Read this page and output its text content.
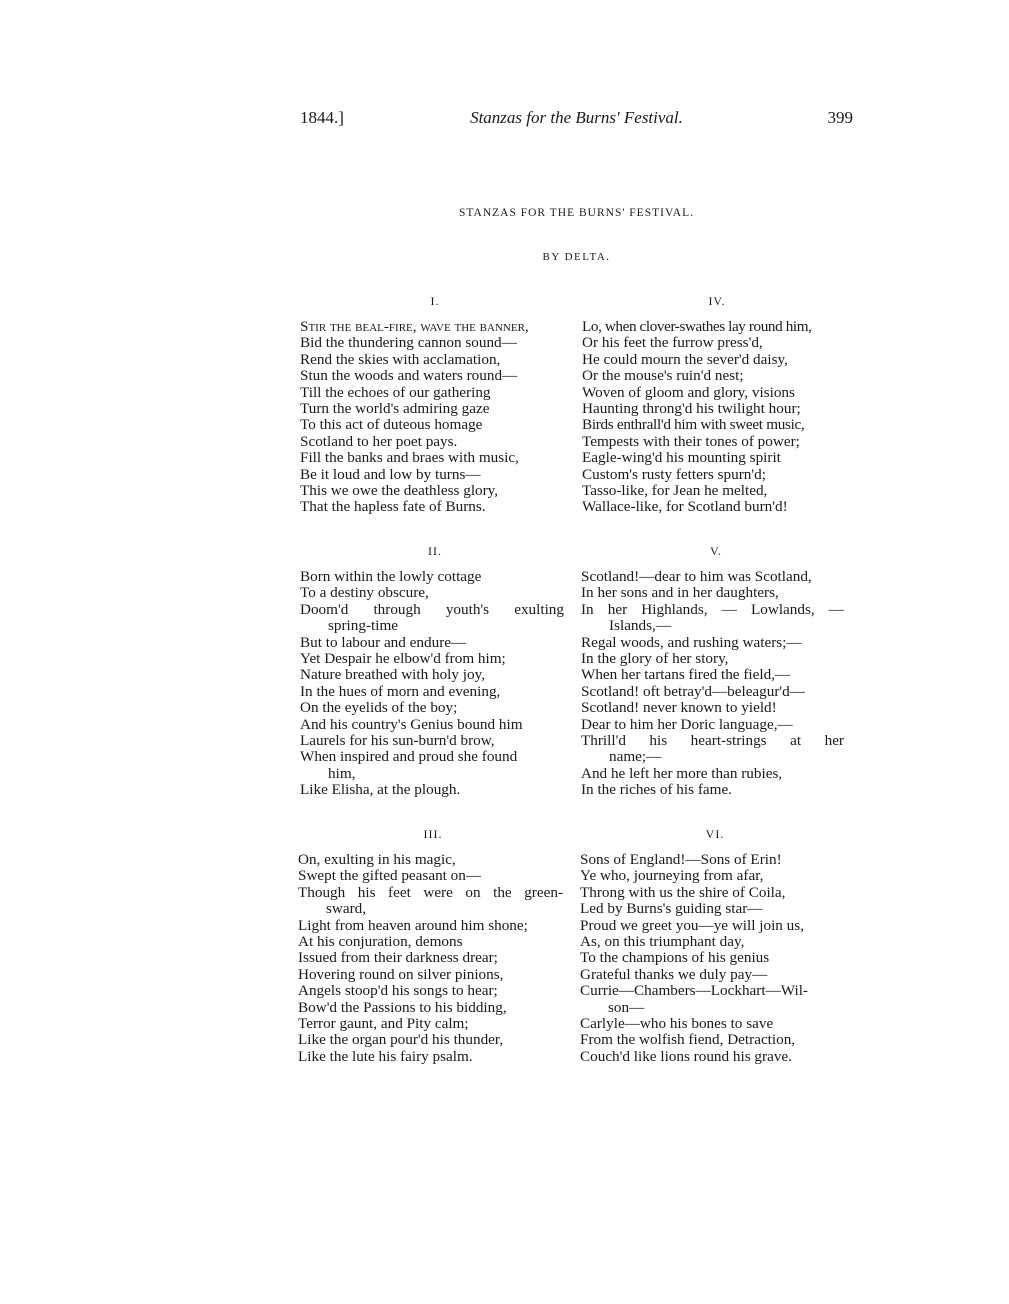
1844.]	Stanzas for the Burns' Festival.	399
STANZAS FOR THE BURNS' FESTIVAL.
BY DELTA.
I.
Stir the beal-fire, wave the banner,
Bid the thundering cannon sound—
Rend the skies with acclamation,
Stun the woods and waters round—
Till the echoes of our gathering
Turn the world's admiring gaze
To this act of duteous homage
Scotland to her poet pays.
Fill the banks and braes with music,
Be it loud and low by turns—
This we owe the deathless glory,
That the hapless fate of Burns.
II.
Born within the lowly cottage
To a destiny obscure,
Doom'd through youth's exulting
spring-time
But to labour and endure—
Yet Despair he elbow'd from him;
Nature breathed with holy joy,
In the hues of morn and evening,
On the eyelids of the boy;
And his country's Genius bound him
Laurels for his sun-burn'd brow,
When inspired and proud she found
him,
Like Elisha, at the plough.
III.
On, exulting in his magic,
Swept the gifted peasant on—
Though his feet were on the green-
sward,
Light from heaven around him shone;
At his conjuration, demons
Issued from their darkness drear;
Hovering round on silver pinions,
Angels stoop'd his songs to hear;
Bow'd the Passions to his bidding,
Terror gaunt, and Pity calm;
Like the organ pour'd his thunder,
Like the lute his fairy psalm.
IV.
Lo, when clover-swathes lay round him,
Or his feet the furrow press'd,
He could mourn the sever'd daisy,
Or the mouse's ruin'd nest;
Woven of gloom and glory, visions
Haunting throng'd his twilight hour;
Birds enthrall'd him with sweet music,
Tempests with their tones of power;
Eagle-wing'd his mounting spirit
Custom's rusty fetters spurn'd;
Tasso-like, for Jean he melted,
Wallace-like, for Scotland burn'd!
V.
Scotland!—dear to him was Scotland,
In her sons and in her daughters,
In her Highlands, — Lowlands, —
Islands,—
Regal woods, and rushing waters;—
In the glory of her story,
When her tartans fired the field,—
Scotland! oft betray'd—beleagur'd—
Scotland! never known to yield!
Dear to him her Doric language,—
Thrill'd his heart-strings at her
name;—
And he left her more than rubies,
In the riches of his fame.
VI.
Sons of England!—Sons of Erin!
Ye who, journeying from afar,
Throng with us the shire of Coila,
Led by Burns's guiding star—
Proud we greet you—ye will join us,
As, on this triumphant day,
To the champions of his genius
Grateful thanks we duly pay—
Currie—Chambers—Lockhart—Wil-
son—
Carlyle—who his bones to save
From the wolfish fiend, Detraction,
Couch'd like lions round his grave.
